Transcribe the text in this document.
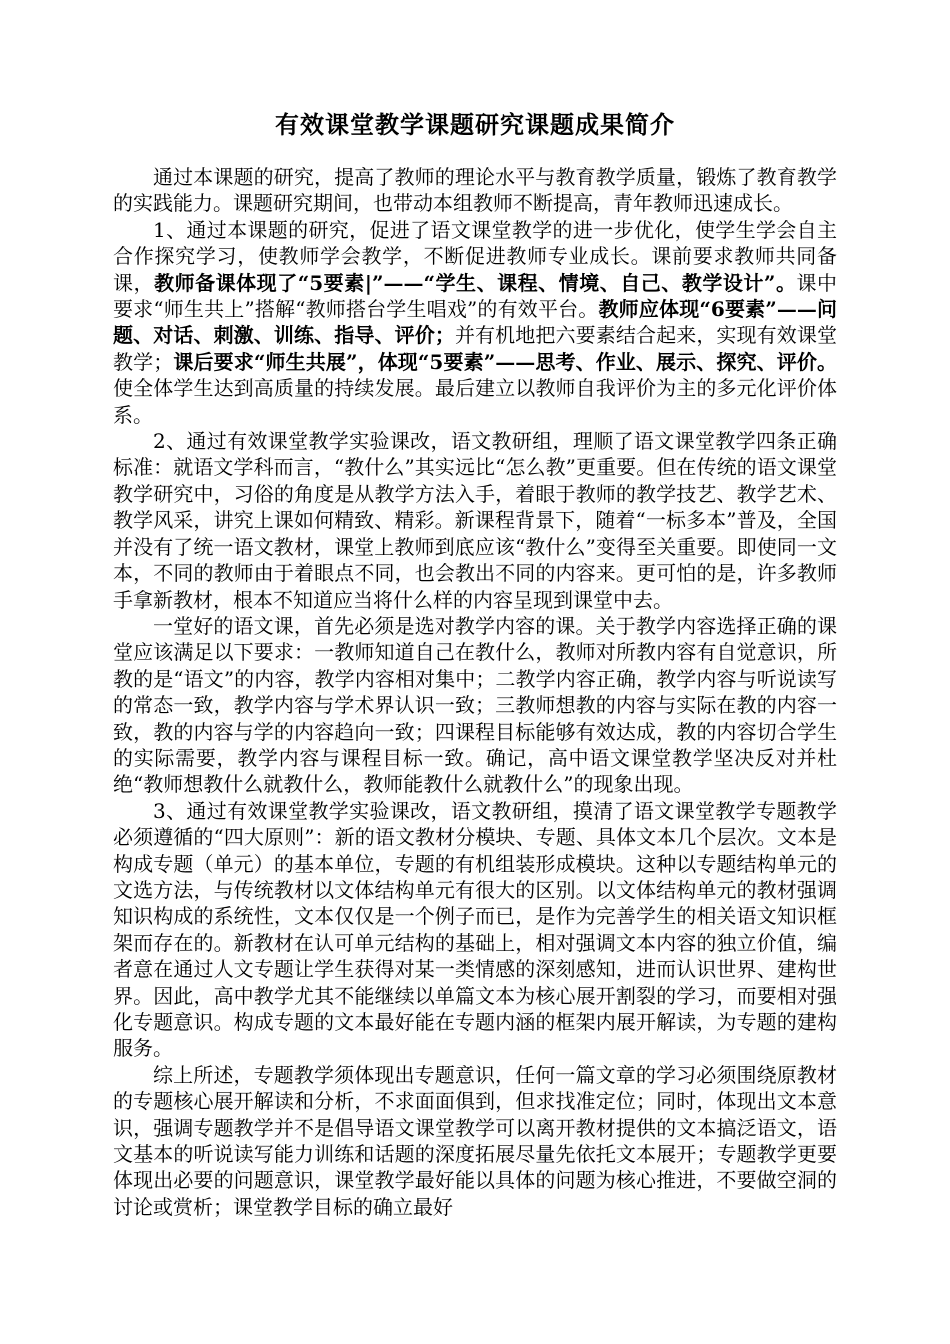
有效课堂教学课题研究课题成果简介

通过本课题的研究，提高了教师的理论水平与教育教学质量，锻炼了教育教学的实践能力。课题研究期间，也带动本组教师不断提高，青年教师迅速成长。

1、通过本课题的研究，促进了语文课堂教学的进一步优化，使学生学会自主合作探究学习，使教师学会教学，不断促进教师专业成长。课前要求教师共同备课，教师备课体现了“5要素|”——“学生、课程、情境、自己、教学设计”。课中要求“师生共上”搭解“教师搭台学生唱戏”的有效平台。教师应体现“6要素”——问题、对话、刺激、训练、指导、评价；并有机地把六要素结合起来，实现有效课堂教学；课后要求“师生共展”，体现“5要素”——思考、作业、展示、探究、评价。使全体学生达到高质量的持续发展。最后建立以教师自我评价为主的多元化评价体系。

2、通过有效课堂教学实验课改，语文教研组，理顺了语文课堂教学四条正确标准：就语文学科而言，“教什么”其实远比“怎么教”更重要。但在传统的语文课堂教学研究中，习俗的角度是从教学方法入手，着眼于教师的教学技艺、教学艺术、教学风采，讲究上课如何精致、精彩。新课程背景下，随着“一标多本”普及，全国并没有了统一语文教材，课堂上教师到底应该“教什么”变得至关重要。即使同一文本，不同的教师由于着眼点不同，也会教出不同的内容来。更可怕的是，许多教师手拿新教材，根本不知道应当将什么样的内容呈现到课堂中去。

一堂好的语文课，首先必须是选对教学内容的课。关于教学内容选择正确的课堂应该满足以下要求：一教师知道自己在教什么，教师对所教内容有自觉意识，所教的是“语文”的内容，教学内容相对集中；二教学内容正确，教学内容与听说读写的常态一致，教学内容与学术界认识一致；三教师想教的内容与实际在教的内容一致，教的内容与学的内容趋向一致；四课程目标能够有效达成，教的内容切合学生的实际需要，教学内容与课程目标一致。确记，高中语文课堂教学坚决反对并杜绝“教师想教什么就教什么，教师能教什么就教什么”的现象出现。

3、通过有效课堂教学实验课改，语文教研组，摸清了语文课堂教学专题教学必须遵循的“四大原则”：新的语文教材分模块、专题、具体文本几个层次。文本是构成专题（单元）的基本单位，专题的有机组装形成模块。这种以专题结构单元的文选方法，与传统教材以文体结构单元有很大的区别。以文体结构单元的教材强调知识构成的系统性，文本仅仅是一个例子而已，是作为完善学生的相关语文知识框架而存在的。新教材在认可单元结构的基础上，相对强调文本内容的独立价值，编者意在通过人文专题让学生获得对某一类情感的深刻感知，进而认识世界、建构世界。因此，高中教学尤其不能继续以单篇文本为核心展开割裂的学习，而要相对强化专题意识。构成专题的文本最好能在专题内涵的框架内展开解读，为专题的建构服务。

综上所述，专题教学须体现出专题意识，任何一篇文章的学习必须围绕原教材的专题核心展开解读和分析，不求面面俱到，但求找准定位；同时，体现出文本意识，强调专题教学并不是倡导语文课堂教学可以离开教材提供的文本搞泛语文，语文基本的听说读写能力训练和话题的深度拓展尽量先依托文本展开；专题教学更要体现出必要的问题意识，课堂教学最好能以具体的问题为核心推进，不要做空洞的讨论或赏析；课堂教学目标的确立最好
